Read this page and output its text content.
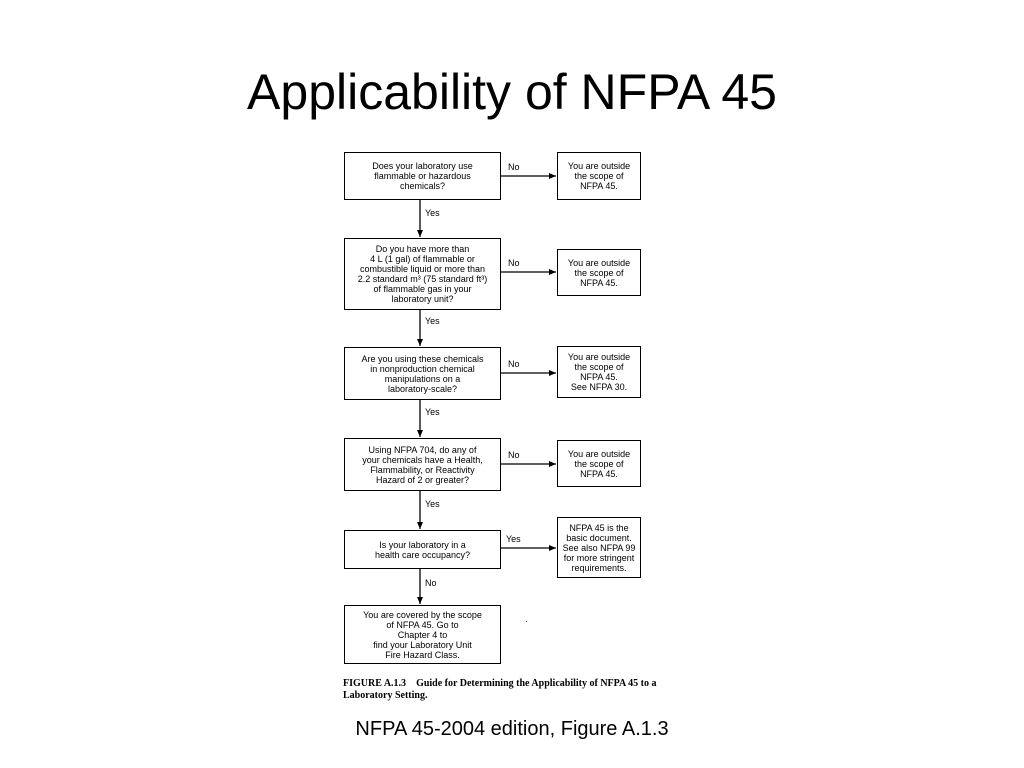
Applicability of NFPA 45
Does your laboratory use
flammable or hazardous
chemicals?
Do you have more than
4 L (1 gal) of flammable or
combustible liquid or more than
2.2 standard m³ (75 standard ft³)
of flammable gas in your
laboratory unit?
Are you using these chemicals
in nonproduction chemical
manipulations on a
laboratory-scale?
Using NFPA 704, do any of
your chemicals have a Health,
Flammability, or Reactivity
Hazard of 2 or greater?
Is your laboratory in a
health care occupancy?
You are covered by the scope
of NFPA 45. Go to
Chapter 4 to
find your Laboratory Unit
Fire Hazard Class.
You are outside
the scope of
NFPA 45.
You are outside
the scope of
NFPA 45.
You are outside
the scope of
NFPA 45.
See NFPA 30.
You are outside
the scope of
NFPA 45.
NFPA 45 is the
basic document.
See also NFPA 99
for more stringent
requirements.
No
No
No
No
Yes
Yes
Yes
Yes
Yes
No
·
FIGURE A.1.3 Guide for Determining the Applicability of NFPA 45 to a Laboratory Setting.
NFPA 45-2004 edition, Figure A.1.3
